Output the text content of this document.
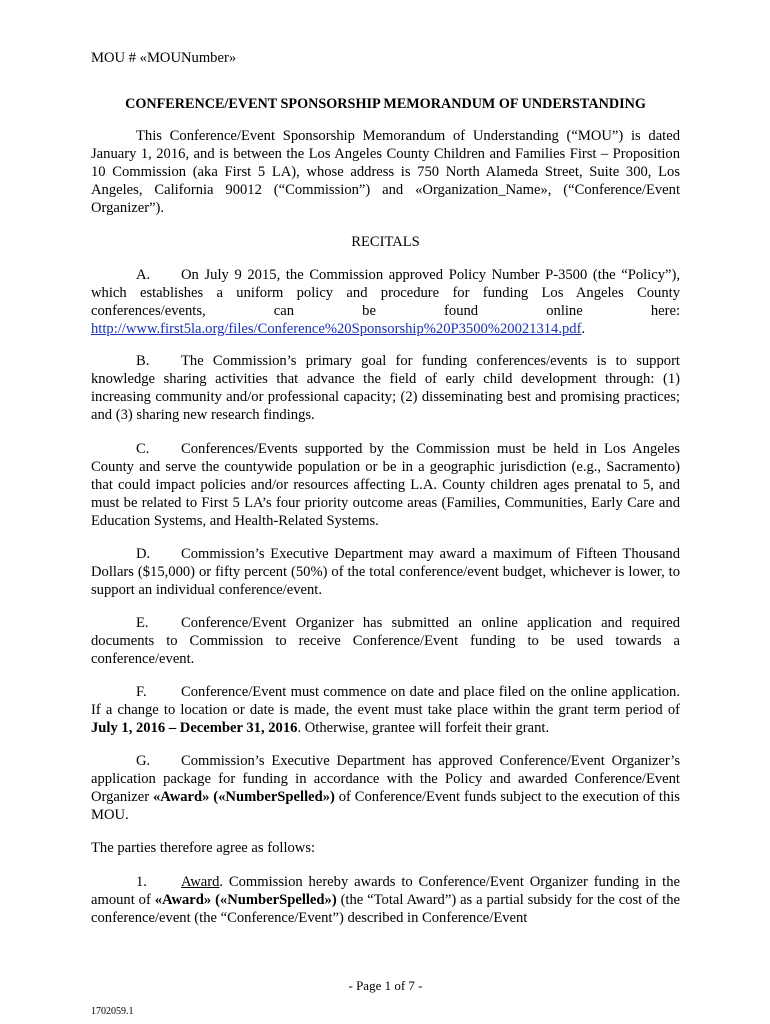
MOU # «MOUNumber»
CONFERENCE/EVENT SPONSORSHIP MEMORANDUM OF UNDERSTANDING
This Conference/Event Sponsorship Memorandum of Understanding (“MOU”) is dated January 1, 2016, and is between the Los Angeles County Children and Families First – Proposition 10 Commission (aka First 5 LA), whose address is 750 North Alameda Street, Suite 300, Los Angeles, California 90012 (“Commission”) and «Organization_Name», (“Conference/Event Organizer”).
RECITALS
A. On July 9 2015, the Commission approved Policy Number P-3500 (the “Policy”), which establishes a uniform policy and procedure for funding Los Angeles County conferences/events, can be found online here: http://www.first5la.org/files/Conference%20Sponsorship%20P3500%20021314.pdf.
B. The Commission’s primary goal for funding conferences/events is to support knowledge sharing activities that advance the field of early child development through: (1) increasing community and/or professional capacity; (2) disseminating best and promising practices; and (3) sharing new research findings.
C. Conferences/Events supported by the Commission must be held in Los Angeles County and serve the countywide population or be in a geographic jurisdiction (e.g., Sacramento) that could impact policies and/or resources affecting L.A. County children ages prenatal to 5, and must be related to First 5 LA’s four priority outcome areas (Families, Communities, Early Care and Education Systems, and Health-Related Systems.
D. Commission’s Executive Department may award a maximum of Fifteen Thousand Dollars ($15,000) or fifty percent (50%) of the total conference/event budget, whichever is lower, to support an individual conference/event.
E. Conference/Event Organizer has submitted an online application and required documents to Commission to receive Conference/Event funding to be used towards a conference/event.
F. Conference/Event must commence on date and place filed on the online application. If a change to location or date is made, the event must take place within the grant term period of July 1, 2016 – December 31, 2016. Otherwise, grantee will forfeit their grant.
G. Commission’s Executive Department has approved Conference/Event Organizer’s application package for funding in accordance with the Policy and awarded Conference/Event Organizer «Award» («NumberSpelled») of Conference/Event funds subject to the execution of this MOU.
The parties therefore agree as follows:
1. Award. Commission hereby awards to Conference/Event Organizer funding in the amount of «Award» («NumberSpelled») (the “Total Award”) as a partial subsidy for the cost of the conference/event (the “Conference/Event”) described in Conference/Event
- Page 1 of 7 -
1702059.1
